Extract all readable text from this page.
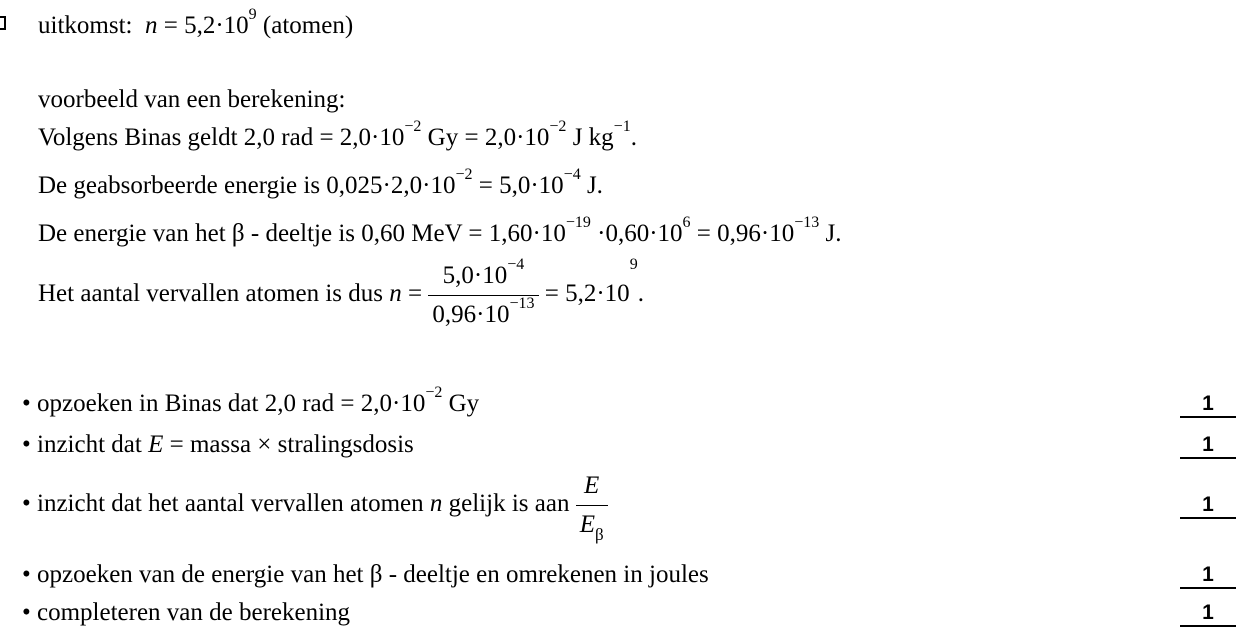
uitkomst: $n = 5,2\cdot 10^9$ (atomen)
voorbeeld van een berekening:
Volgens Binas geldt 2,0 rad = $2,0\cdot 10^{-2}$ $Gy = 2,0\cdot 10^{-2}$ J $kg^{-1}$.
De geabsorbeerde energie is $0,025\cdot 2,0\cdot 10^{-2} = 5,0\cdot 10^{-4}$ J.
De energie van het β - deeltje is 0,60 MeV = $1,60\cdot 10^{-19} \cdot 0,60\cdot 10^6 = 0,96\cdot 10^{-13}$ J.
Het aantal vervallen atomen is dus $n = \frac{5,0\cdot 10^{-4}}{0,96\cdot 10^{-13}} = 5,2\cdot 10^9$.
• opzoeken in Binas dat 2,0 rad = $2,0\cdot 10^{-2}$ Gy	1
• inzicht dat E = massa × stralingsdosis	1
• inzicht dat het aantal vervallen atomen n gelijk is aan $\frac{E}{E_\beta}$	1
• opzoeken van de energie van het β - deeltje en omrekenen in joules	1
• completeren van de berekening	1
